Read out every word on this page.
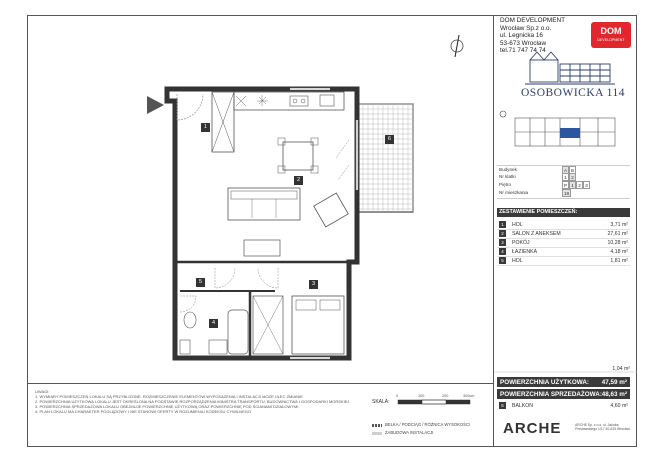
1
2
3
4
5
6
DOM DEVELOPMENT
Wrocław Sp.z o.o.
ul. Legnicka 16
53-673 Wrocław
tel.71 747 74 74
DOM
DEVELOPMENT
OSOBOWICKA 114
Budynek	A B
Nr klatki	1 2
Piętro	P 1 2 3
Nr mieszkania	18
ZESTAWIENIE POMIESZCZEŃ:
1	HOL	3,71 m²
2	SALON Z ANEKSEM	27,61 m²
3	POKÓJ	10,28 m²
4	ŁAZIENKA	4,18 m²
5	HOL	1,81 m²
1,04 m²
POWIERZCHNIA UŻYTKOWA: 47,59 m²
POWIERZCHNIA SPRZEDAŻOWA: 48,63 m²
6	BALKON	4,60 m²
SKALA:
0	100	200	300cm
BELKA / PODCIĄG / RÓŻNICA WYSOKOŚCI
ZABUDOWA INSTALACJI	ARCHE	ARCHE Sp. z o.o. ul. Jakuba Prestawskiego 1/17 40-629 Wrocław
UWAGI:
1. WYMIARY POMIESZCZEŃ LOKALU SĄ PRZYBLIŻONE. ROZMIESZCZENIE ELEMENTÓW WYPOSAŻENIA I INSTALACJI MOŻE ULEC ZMIANIE
2. POWIERZCHNIA UŻYTKOWA LOKALU JEST OKREŚLONA NA PODSTAWIE ROZPORZĄDZENIA MINISTRA TRANSPORTU, BUDOWNICTWA I GOSPODARKI MORSKIEJ
3. POWIERZCHNIA SPRZEDAŻOWA LOKALU OBEJMUJE POWIERZCHNIĘ UŻYTKOWĄ ORAZ POWIERZCHNIĘ POD ŚCIANAMI DZIAŁOWYMI
4. PLAN LOKALU MA CHARAKTER POGLĄDOWY I NIE STANOWI OFERTY W ROZUMIENIU KODEKSU CYWILNEGO
